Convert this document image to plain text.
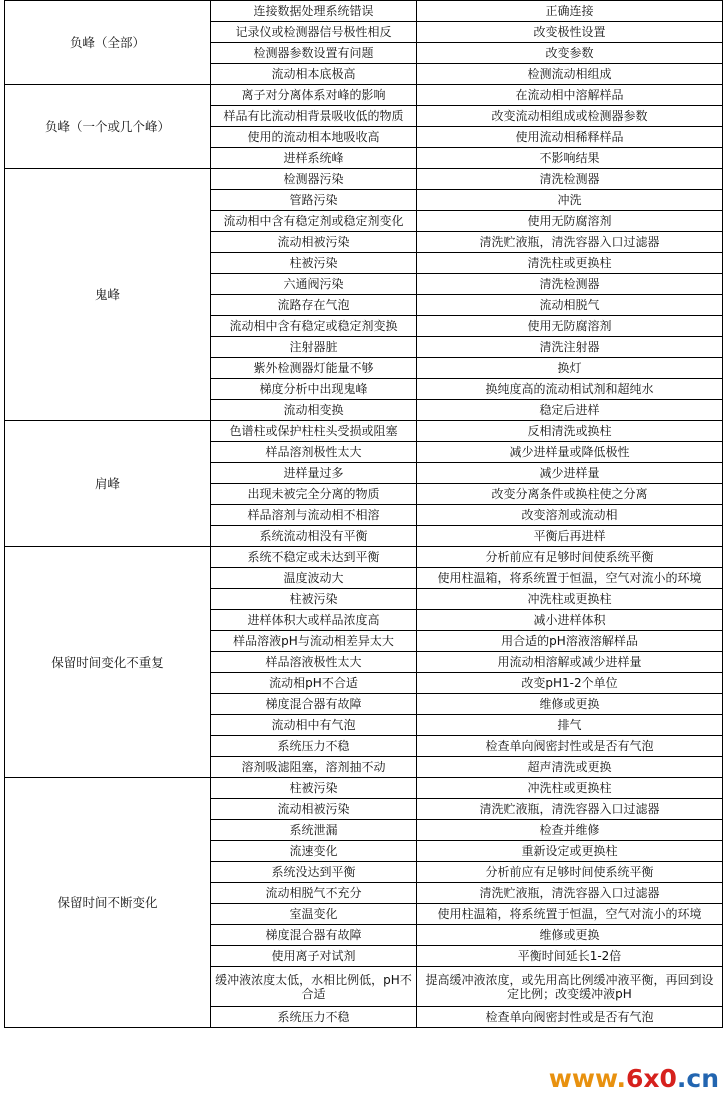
负峰（全部）	连接数据处理系统错误	正确连接
	记录仪或检测器信号极性相反	改变极性设置
	检测器参数设置有问题	改变参数
	流动相本底极高	检测流动相组成
负峰（一个或几个峰）	离子对分离体系对峰的影响	在流动相中溶解样品
	样品有比流动相背景吸收低的物质	改变流动相组成或检测器参数
	使用的流动相本地吸收高	使用流动相稀释样品
	进样系统峰	不影响结果
鬼峰	检测器污染	清洗检测器
	管路污染	冲洗
	流动相中含有稳定剂或稳定剂变化	使用无防腐溶剂
	流动相被污染	清洗贮液瓶，清洗容器入口过滤器
	柱被污染	清洗柱或更换柱
	六通阀污染	清洗检测器
	流路存在气泡	流动相脱气
	流动相中含有稳定或稳定剂变换	使用无防腐溶剂
	注射器脏	清洗注射器
	紫外检测器灯能量不够	换灯
	梯度分析中出现鬼峰	换纯度高的流动相试剂和超纯水
	流动相变换	稳定后进样
肩峰	色谱柱或保护柱柱头受损或阻塞	反相清洗或换柱
	样品溶剂极性太大	减少进样量或降低极性
	进样量过多	减少进样量
	出现未被完全分离的物质	改变分离条件或换柱使之分离
	样品溶剂与流动相不相溶	改变溶剂或流动相
	系统流动相没有平衡	平衡后再进样
保留时间变化不重复	系统不稳定或未达到平衡	分析前应有足够时间使系统平衡
	温度波动大	使用柱温箱，将系统置于恒温，空气对流小的环境
	柱被污染	冲洗柱或更换柱
	进样体积大或样品浓度高	减小进样体积
	样品溶液pH与流动相差异太大	用合适的pH溶液溶解样品
	样品溶液极性太大	用流动相溶解或减少进样量
	流动相pH不合适	改变pH1-2个单位
	梯度混合器有故障	维修或更换
	流动相中有气泡	排气
	系统压力不稳	检查单向阀密封性或是否有气泡
	溶剂吸滤阻塞，溶剂抽不动	超声清洗或更换
保留时间不断变化	柱被污染	冲洗柱或更换柱
	流动相被污染	清洗贮液瓶，清洗容器入口过滤器
	系统泄漏	检查并维修
	流速变化	重新设定或更换柱
	系统没达到平衡	分析前应有足够时间使系统平衡
	流动相脱气不充分	清洗贮液瓶，清洗容器入口过滤器
	室温变化	使用柱温箱，将系统置于恒温，空气对流小的环境
	梯度混合器有故障	维修或更换
	使用离子对试剂	平衡时间延长1-2倍
	缓冲液浓度太低，水相比例低，pH不合适	提高缓冲液浓度，或先用高比例缓冲液平衡，再回到设定比例；改变缓冲液pH
	系统压力不稳	检查单向阀密封性或是否有气泡
www.6x0.cn
